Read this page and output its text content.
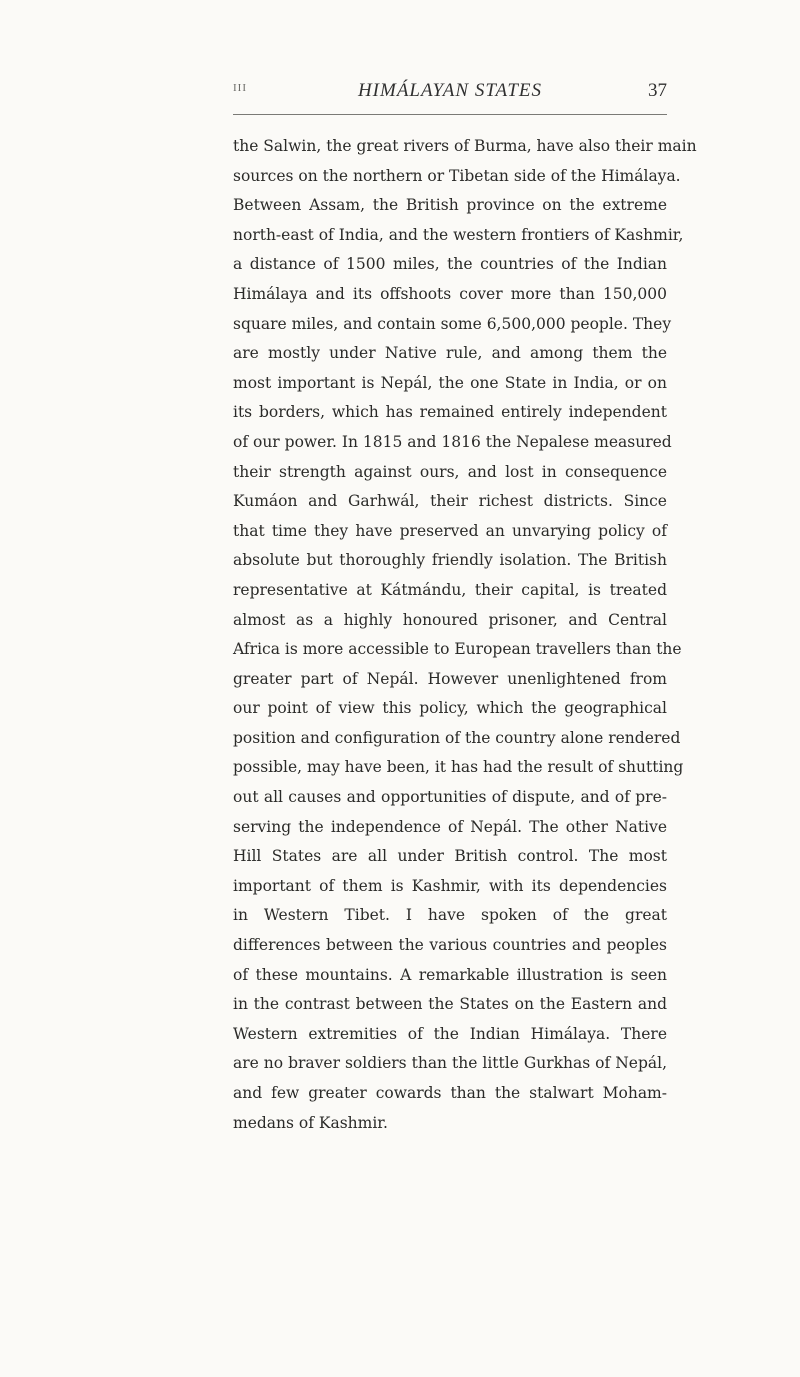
III	HIMÁLAYAN STATES	37
the Salwin, the great rivers of Burma, have also their main
sources on the northern or Tibetan side of the Himálaya.
Between Assam, the British province on the extreme
north-east of India, and the western frontiers of Kashmir,
a distance of 1500 miles, the countries of the Indian
Himálaya and its offshoots cover more than 150,000
square miles, and contain some 6,500,000 people. They
are mostly under Native rule, and among them the
most important is Nepál, the one State in India, or on
its borders, which has remained entirely independent
of our power. In 1815 and 1816 the Nepalese measured
their strength against ours, and lost in consequence
Kumáon and Garhwál, their richest districts. Since
that time they have preserved an unvarying policy of
absolute but thoroughly friendly isolation. The British
representative at Kátmándu, their capital, is treated
almost as a highly honoured prisoner, and Central
Africa is more accessible to European travellers than the
greater part of Nepál. However unenlightened from
our point of view this policy, which the geographical
position and configuration of the country alone rendered
possible, may have been, it has had the result of shutting
out all causes and opportunities of dispute, and of pre-
serving the independence of Nepál. The other Native
Hill States are all under British control. The most
important of them is Kashmir, with its dependencies
in Western Tibet. I have spoken of the great
differences between the various countries and peoples
of these mountains. A remarkable illustration is seen
in the contrast between the States on the Eastern and
Western extremities of the Indian Himálaya. There
are no braver soldiers than the little Gurkhas of Nepál,
and few greater cowards than the stalwart Moham-
medans of Kashmir.
